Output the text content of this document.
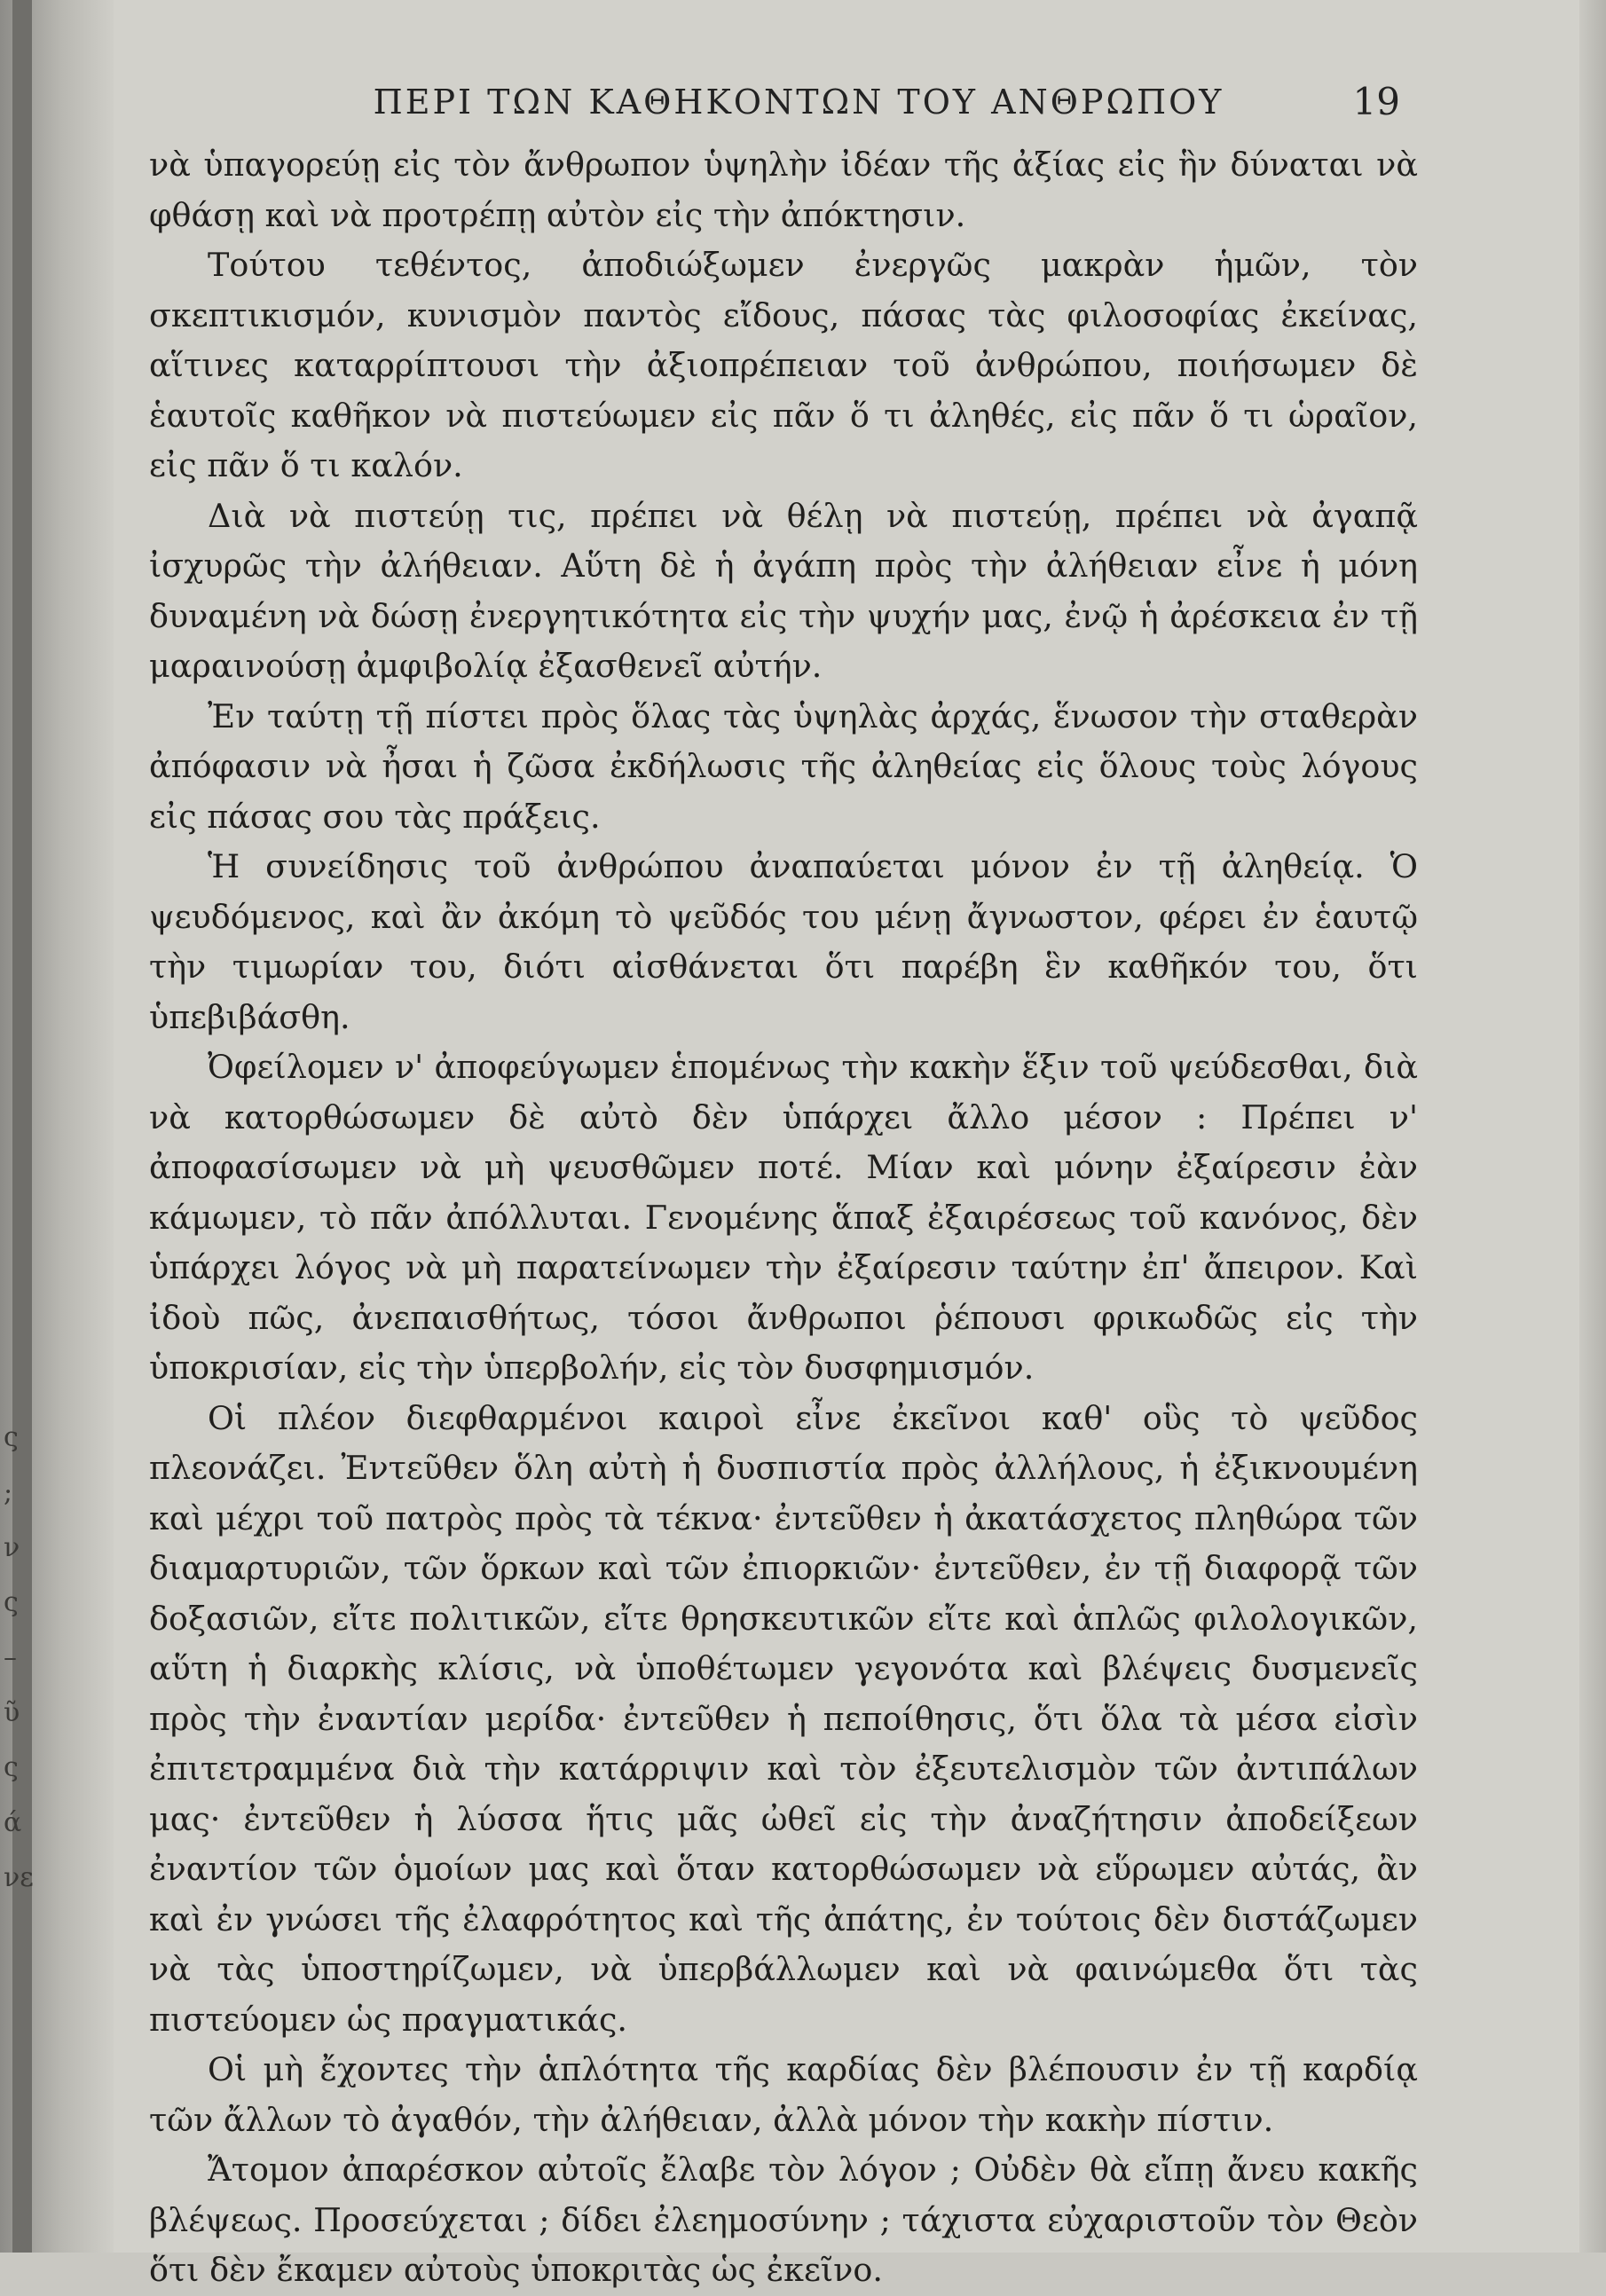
ς
;
ν
ς
–
ῦ
ς
ά
νε
ΠΕΡΙ ΤΩΝ ΚΑΘΗΚΟΝΤΩΝ ΤΟΥ ΑΝΘΡΩΠΟΥ	19

νὰ ὑπαγορεύῃ εἰς τὸν ἄνθρωπον ὑψηλὴν ἰδέαν τῆς ἀξίας εἰς ἣν δύναται νὰ φθάσῃ καὶ νὰ προτρέπῃ αὐτὸν εἰς τὴν ἀπόκτησιν.

Τούτου τεθέντος, ἀποδιώξωμεν ἐνεργῶς μακρὰν ἡμῶν, τὸν σκεπτικισμόν, κυνισμὸν παντὸς εἴδους, πάσας τὰς φιλοσοφίας ἐκείνας, αἵτινες καταρρίπτουσι τὴν ἀξιοπρέπειαν τοῦ ἀνθρώπου, ποιήσωμεν δὲ ἑαυτοῖς καθῆκον νὰ πιστεύωμεν εἰς πᾶν ὅ τι ἀληθές, εἰς πᾶν ὅ τι ὡραῖον, εἰς πᾶν ὅ τι καλόν.

Διὰ νὰ πιστεύῃ τις, πρέπει νὰ θέλῃ νὰ πιστεύῃ, πρέπει νὰ ἀγαπᾷ ἰσχυρῶς τὴν ἀλήθειαν. Αὕτη δὲ ἡ ἀγάπη πρὸς τὴν ἀλήθειαν εἶνε ἡ μόνη δυναμένη νὰ δώσῃ ἐνεργητικότητα εἰς τὴν ψυχήν μας, ἐνῷ ἡ ἀρέσκεια ἐν τῇ μαραινούσῃ ἀμφιβολίᾳ ἐξασθενεῖ αὐτήν.

Ἐν ταύτῃ τῇ πίστει πρὸς ὅλας τὰς ὑψηλὰς ἀρχάς, ἕνωσον τὴν σταθερὰν ἀπόφασιν νὰ ἦσαι ἡ ζῶσα ἐκδήλωσις τῆς ἀληθείας εἰς ὅλους τοὺς λόγους εἰς πάσας σου τὰς πράξεις.

Ἡ συνείδησις τοῦ ἀνθρώπου ἀναπαύεται μόνον ἐν τῇ ἀληθείᾳ. Ὁ ψευδόμενος, καὶ ἂν ἀκόμη τὸ ψεῦδός του μένῃ ἄγνωστον, φέρει ἐν ἑαυτῷ τὴν τιμωρίαν του, διότι αἰσθάνεται ὅτι παρέβη ἓν καθῆκόν του, ὅτι ὑπεβιβάσθη.

Ὀφείλομεν ν' ἀποφεύγωμεν ἑπομένως τὴν κακὴν ἕξιν τοῦ ψεύδεσθαι, διὰ νὰ κατορθώσωμεν δὲ αὐτὸ δὲν ὑπάρχει ἄλλο μέσον : Πρέπει ν' ἀποφασίσωμεν νὰ μὴ ψευσθῶμεν ποτέ. Μίαν καὶ μόνην ἐξαίρεσιν ἐὰν κάμωμεν, τὸ πᾶν ἀπόλλυται. Γενομένης ἅπαξ ἐξαιρέσεως τοῦ κανόνος, δὲν ὑπάρχει λόγος νὰ μὴ παρατείνωμεν τὴν ἐξαίρεσιν ταύτην ἐπ' ἄπειρον. Καὶ ἰδοὺ πῶς, ἀνεπαισθήτως, τόσοι ἄνθρωποι ῥέπουσι φρικωδῶς εἰς τὴν ὑποκρισίαν, εἰς τὴν ὑπερβολήν, εἰς τὸν δυσφημισμόν.

Οἱ πλέον διεφθαρμένοι καιροὶ εἶνε ἐκεῖνοι καθ' οὓς τὸ ψεῦδος πλεονάζει. Ἐντεῦθεν ὅλη αὐτὴ ἡ δυσπιστία πρὸς ἀλλήλους, ἡ ἐξικνουμένη καὶ μέχρι τοῦ πατρὸς πρὸς τὰ τέκνα· ἐντεῦθεν ἡ ἀκατάσχετος πληθώρα τῶν διαμαρτυριῶν, τῶν ὅρκων καὶ τῶν ἐπιορκιῶν· ἐντεῦθεν, ἐν τῇ διαφορᾷ τῶν δοξασιῶν, εἴτε πολιτικῶν, εἴτε θρησκευτικῶν εἴτε καὶ ἁπλῶς φιλολογικῶν, αὕτη ἡ διαρκὴς κλίσις, νὰ ὑποθέτωμεν γεγονότα καὶ βλέψεις δυσμενεῖς πρὸς τὴν ἐναντίαν μερίδα· ἐντεῦθεν ἡ πεποίθησις, ὅτι ὅλα τὰ μέσα εἰσὶν ἐπιτετραμμένα διὰ τὴν κατάρριψιν καὶ τὸν ἐξευτελισμὸν τῶν ἀντιπάλων μας· ἐντεῦθεν ἡ λύσσα ἥτις μᾶς ὠθεῖ εἰς τὴν ἀναζήτησιν ἀποδείξεων ἐναντίον τῶν ὁμοίων μας καὶ ὅταν κατορθώσωμεν νὰ εὕρωμεν αὐτάς, ἂν καὶ ἐν γνώσει τῆς ἐλαφρότητος καὶ τῆς ἀπάτης, ἐν τούτοις δὲν διστάζωμεν νὰ τὰς ὑποστηρίζωμεν, νὰ ὑπερβάλλωμεν καὶ νὰ φαινώμεθα ὅτι τὰς πιστεύομεν ὡς πραγματικάς.

Οἱ μὴ ἔχοντες τὴν ἁπλότητα τῆς καρδίας δὲν βλέπουσιν ἐν τῇ καρδίᾳ τῶν ἄλλων τὸ ἀγαθόν, τὴν ἀλήθειαν, ἀλλὰ μόνον τὴν κακὴν πίστιν.

Ἄτομον ἀπαρέσκον αὐτοῖς ἔλαβε τὸν λόγον ; Οὐδὲν θὰ εἴπῃ ἄνευ κακῆς βλέψεως. Προσεύχεται ; δίδει ἐλεημοσύνην ; τάχιστα εὐχαριστοῦν τὸν Θεὸν ὅτι δὲν ἔκαμεν αὐτοὺς ὑποκριτὰς ὡς ἐκεῖνο.
